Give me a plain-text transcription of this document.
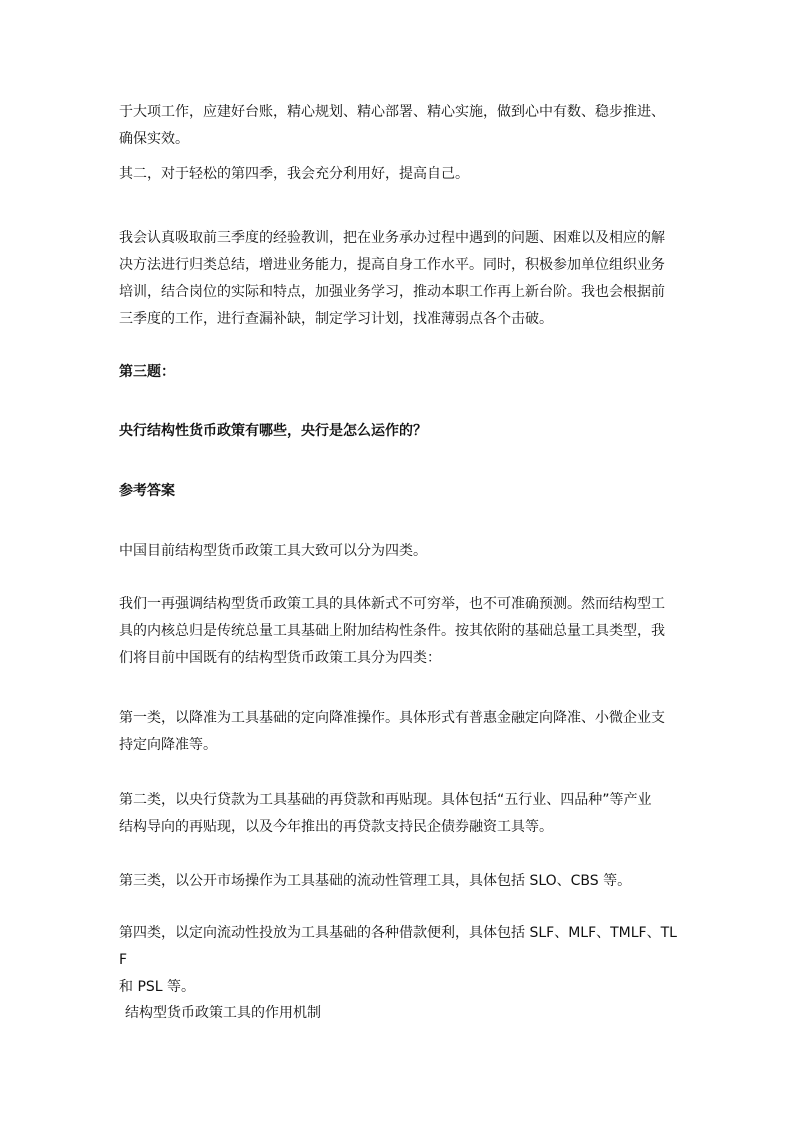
于大项工作，应建好台账，精心规划、精心部署、精心实施，做到心中有数、稳步推进、
确保实效。
其二，对于轻松的第四季，我会充分利用好，提高自己。
我会认真吸取前三季度的经验教训，把在业务承办过程中遇到的问题、困难以及相应的解
决方法进行归类总结，增进业务能力，提高自身工作水平。同时，积极参加单位组织业务
培训，结合岗位的实际和特点，加强业务学习，推动本职工作再上新台阶。我也会根据前
三季度的工作，进行查漏补缺，制定学习计划，找准薄弱点各个击破。
第三题：
央行结构性货币政策有哪些，央行是怎么运作的？
参考答案
中国目前结构型货币政策工具大致可以分为四类。
我们一再强调结构型货币政策工具的具体新式不可穷举，也不可准确预测。然而结构型工
具的内核总归是传统总量工具基础上附加结构性条件。按其依附的基础总量工具类型，我
们将目前中国既有的结构型货币政策工具分为四类：
第一类，以降准为工具基础的定向降准操作。具体形式有普惠金融定向降准、小微企业支
持定向降准等。
第二类，以央行贷款为工具基础的再贷款和再贴现。具体包括“五行业、四品种”等产业
结构导向的再贴现，以及今年推出的再贷款支持民企债券融资工具等。
第三类，以公开市场操作为工具基础的流动性管理工具，具体包括 SLO、CBS 等。
第四类，以定向流动性投放为工具基础的各种借款便利，具体包括 SLF、MLF、TMLF、TLF
和 PSL 等。
结构型货币政策工具的作用机制
